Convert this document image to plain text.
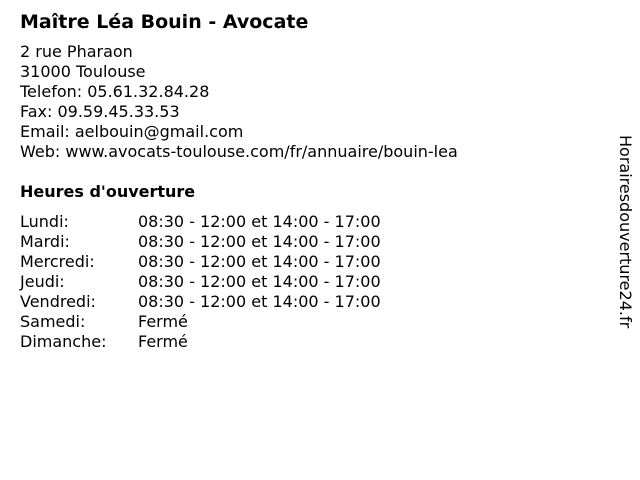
Maître Léa Bouin - Avocate
2 rue Pharaon
31000 Toulouse
Telefon: 05.61.32.84.28
Fax: 09.59.45.33.53
Email: aelbouin@gmail.com
Web: www.avocats-toulouse.com/fr/annuaire/bouin-lea
Heures d'ouverture
Lundi:	08:30 - 12:00 et 14:00 - 17:00
Mardi:	08:30 - 12:00 et 14:00 - 17:00
Mercredi:	08:30 - 12:00 et 14:00 - 17:00
Jeudi:	08:30 - 12:00 et 14:00 - 17:00
Vendredi:	08:30 - 12:00 et 14:00 - 17:00
Samedi:	Fermé
Dimanche:	Fermé
Horairesdouverture24.fr
